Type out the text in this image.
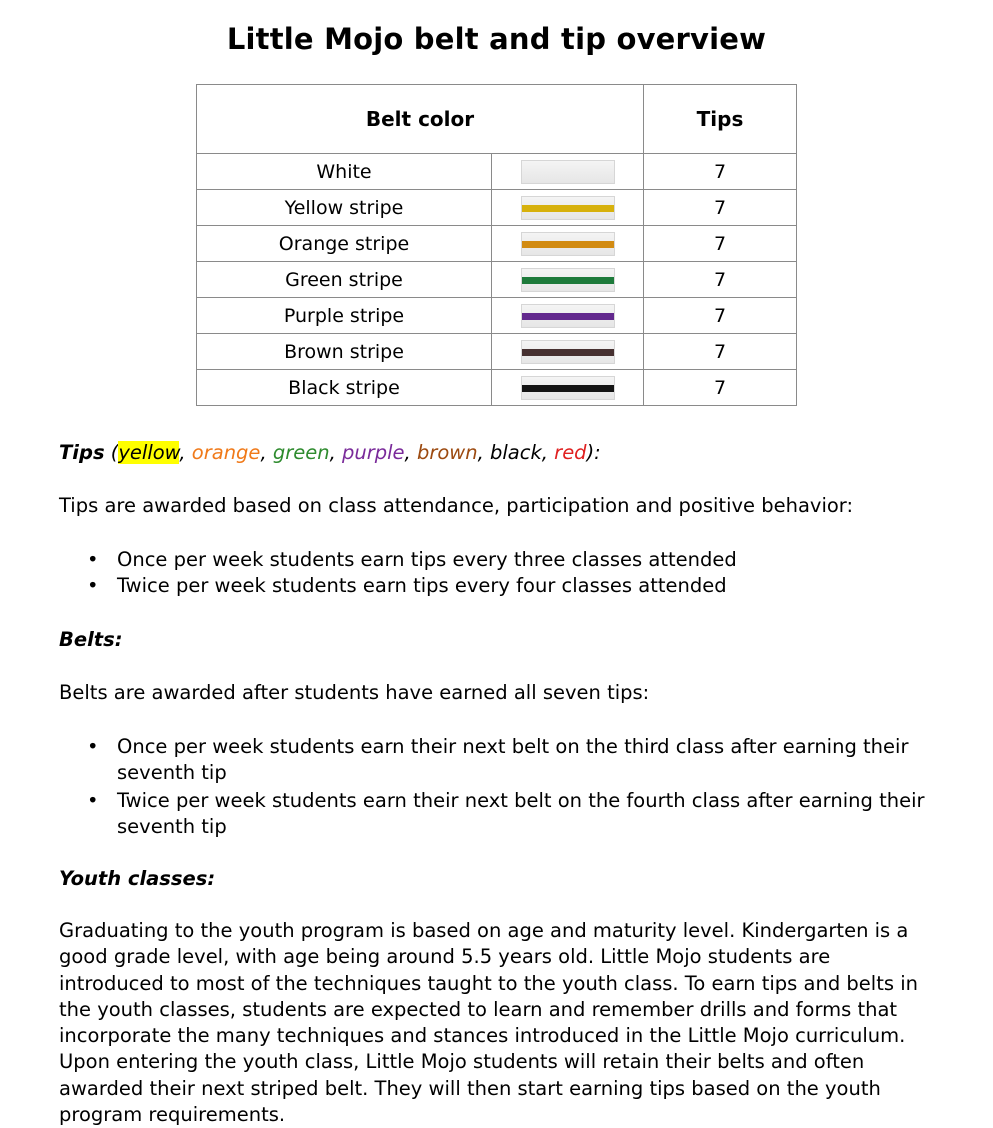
Little Mojo belt and tip overview
Belt color		Tips
White		7
Yellow stripe		7
Orange stripe		7
Green stripe		7
Purple stripe		7
Brown stripe		7
Black stripe		7

Tips (yellow, orange, green, purple, brown, black, red):

Tips are awarded based on class attendance, participation and positive behavior:

• Once per week students earn tips every three classes attended
• Twice per week students earn tips every four classes attended

Belts:

Belts are awarded after students have earned all seven tips:

• Once per week students earn their next belt on the third class after earning their seventh tip
• Twice per week students earn their next belt on the fourth class after earning their seventh tip

Youth classes:

Graduating to the youth program is based on age and maturity level. Kindergarten is a good grade level, with age being around 5.5 years old. Little Mojo students are introduced to most of the techniques taught to the youth class. To earn tips and belts in the youth classes, students are expected to learn and remember drills and forms that incorporate the many techniques and stances introduced in the Little Mojo curriculum. Upon entering the youth class, Little Mojo students will retain their belts and often awarded their next striped belt. They will then start earning tips based on the youth program requirements.
